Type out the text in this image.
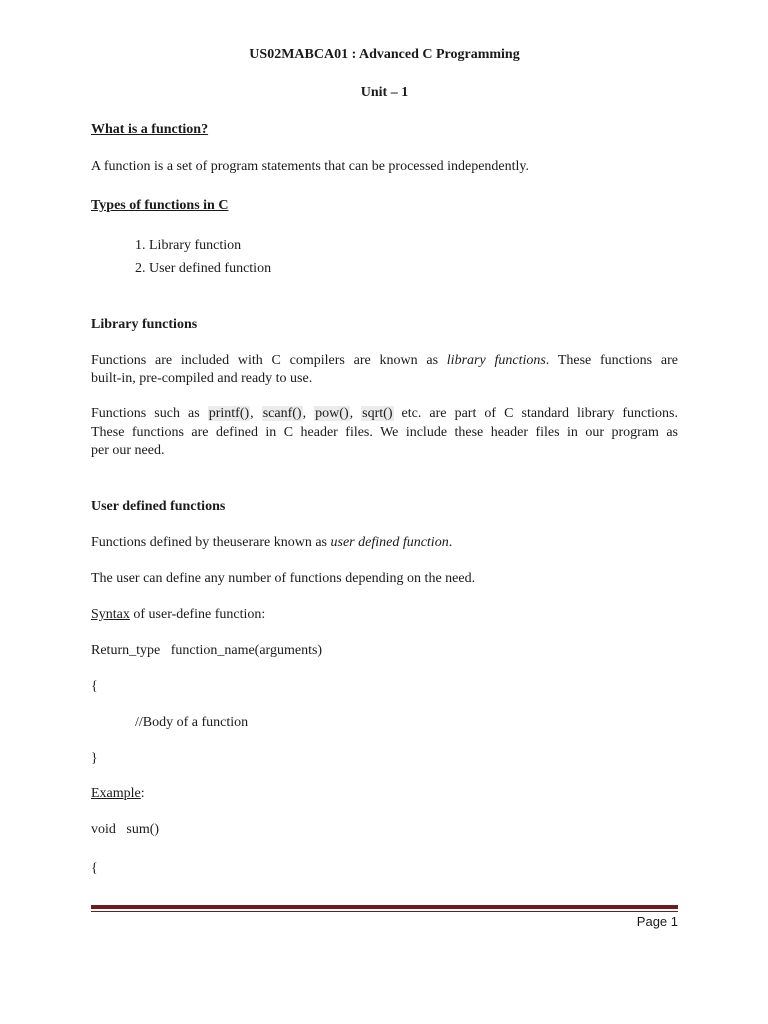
US02MABCA01 : Advanced C Programming
Unit – 1
What is a function?
A function is a set of program statements that can be processed independently.
Types of functions in C
1. Library function
2. User defined function
Library functions
Functions are included with C compilers are known as library functions. These functions are
built-in, pre-compiled and ready to use.
Functions such as printf(), scanf(), pow(), sqrt() etc. are part of C standard library functions.
These functions are defined in C header files. We include these header files in our program as
per our need.
User defined functions
Functions defined by theuserare known as user defined function.
The user can define any number of functions depending on the need.
Syntax of user-define function:
Return_type   function_name(arguments)
{
//Body of a function
}
Example:
void   sum()
{
Page 1
